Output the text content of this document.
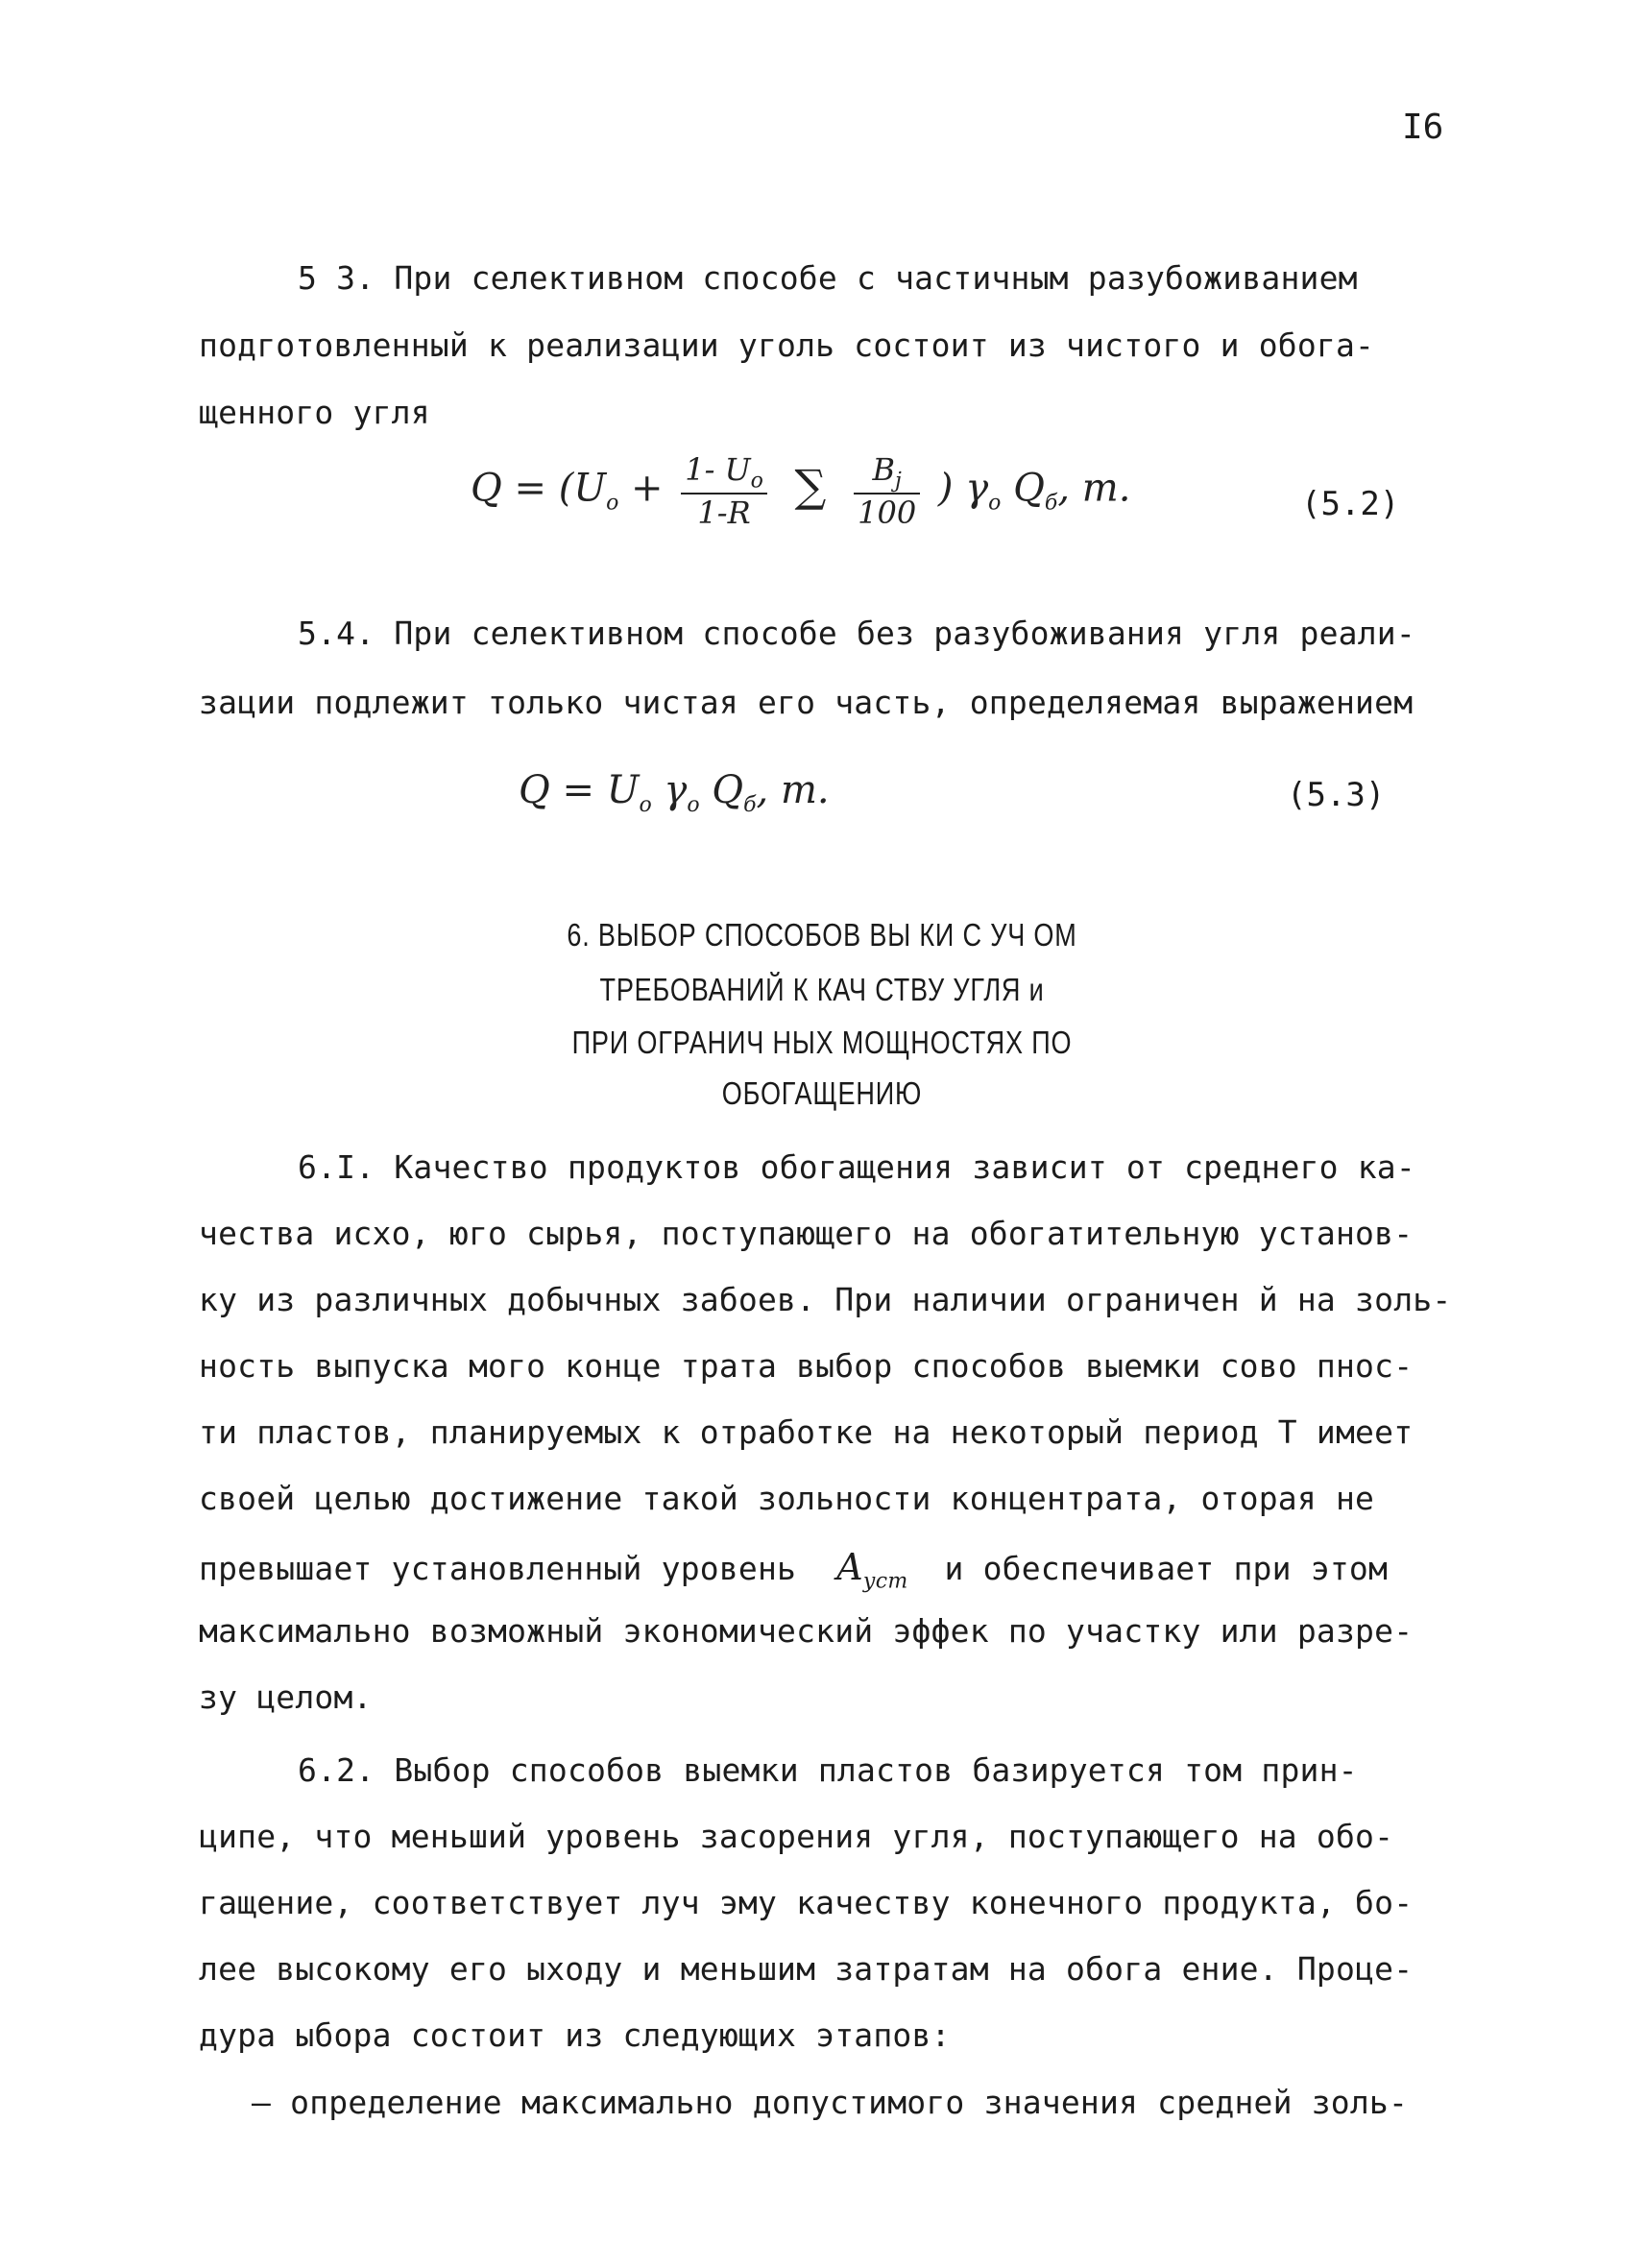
I6
5 3. При селективном способе с частичным разубоживанием
подготовленный к реализации уголь состоит из чистого и обога-
щенного угля
$Q = (U_o + \frac{1- U_o}{1-R}$ ∑ $\frac{B_j}{100}$ ) $\gamma_o$ $Q_б$, т.	(5.2)
5.4. При селективном способе без разубоживания угля реали-
зации подлежит только чистая его часть, определяемая выражением
$Q = U_o$ $\gamma_o$ $Q_б$, т.	(5.3)
6. ВЫБОР СПОСОБОВ ВЫ КИ С УЧ ОМ
ТРЕБОВАНИЙ К КАЧ СТВУ УГЛЯ и
ПРИ ОГРАНИЧ НЫХ МОЩНОСТЯХ ПО
ОБОГАЩЕНИЮ
6.I. Качество продуктов обогащения зависит от среднего ка-
чества исхо, юго сырья, поступающего на обогатительную установ-
ку из различных добычных забоев. При наличии ограничен й на золь-
ность выпуска мого конце трата выбор способов выемки сово пнос-
ти пластов, планируемых к отработке на некоторый период T имеет
своей целью достижение такой зольности концентрата, оторая не
превышает установленный уровень $A_{уст}$ и обеспечивает при этом
максимально возможный экономический эффек по участку или разре-
зу целом.
6.2. Выбор способов выемки пластов базируется том прин-
ципе, что меньший уровень засорения угля, поступающего на обо-
гащение, соответствует луч эму качеству конечного продукта, бо-
лее высокому его ыходу и меньшим затратам на обога ение. Проце-
дура ыбора состоит из следующих этапов:
– определение максимально допустимого значения средней золь-
